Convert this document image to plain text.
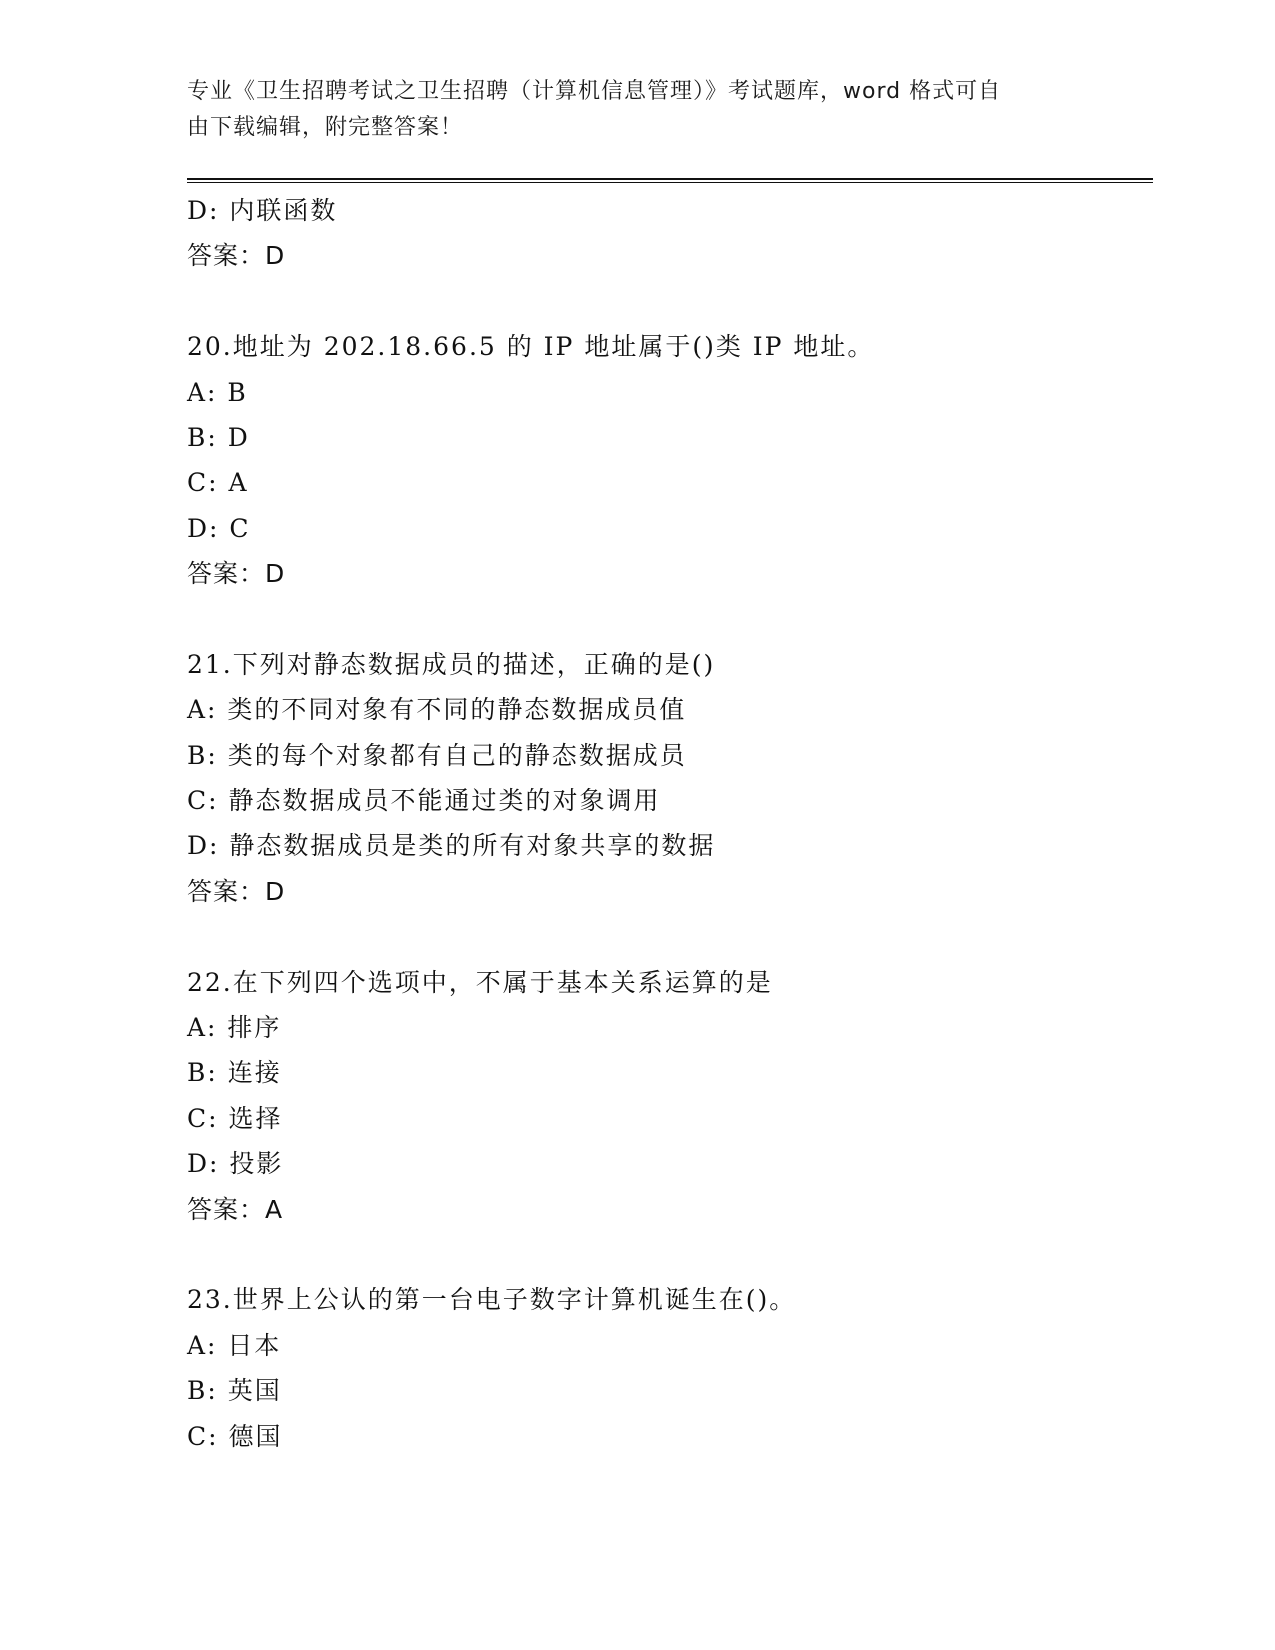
专业《卫生招聘考试之卫生招聘（计算机信息管理）》考试题库，word 格式可自
由下载编辑，附完整答案！
D: 内联函数
答案：D
20.地址为 202.18.66.5 的 IP 地址属于()类 IP 地址。
A: B
B: D
C: A
D: C
答案：D
21.下列对静态数据成员的描述，正确的是()
A: 类的不同对象有不同的静态数据成员值
B: 类的每个对象都有自己的静态数据成员
C: 静态数据成员不能通过类的对象调用
D: 静态数据成员是类的所有对象共享的数据
答案：D
22.在下列四个选项中，不属于基本关系运算的是
A: 排序
B: 连接
C: 选择
D: 投影
答案：A
23.世界上公认的第一台电子数字计算机诞生在()。
A: 日本
B: 英国
C: 德国
